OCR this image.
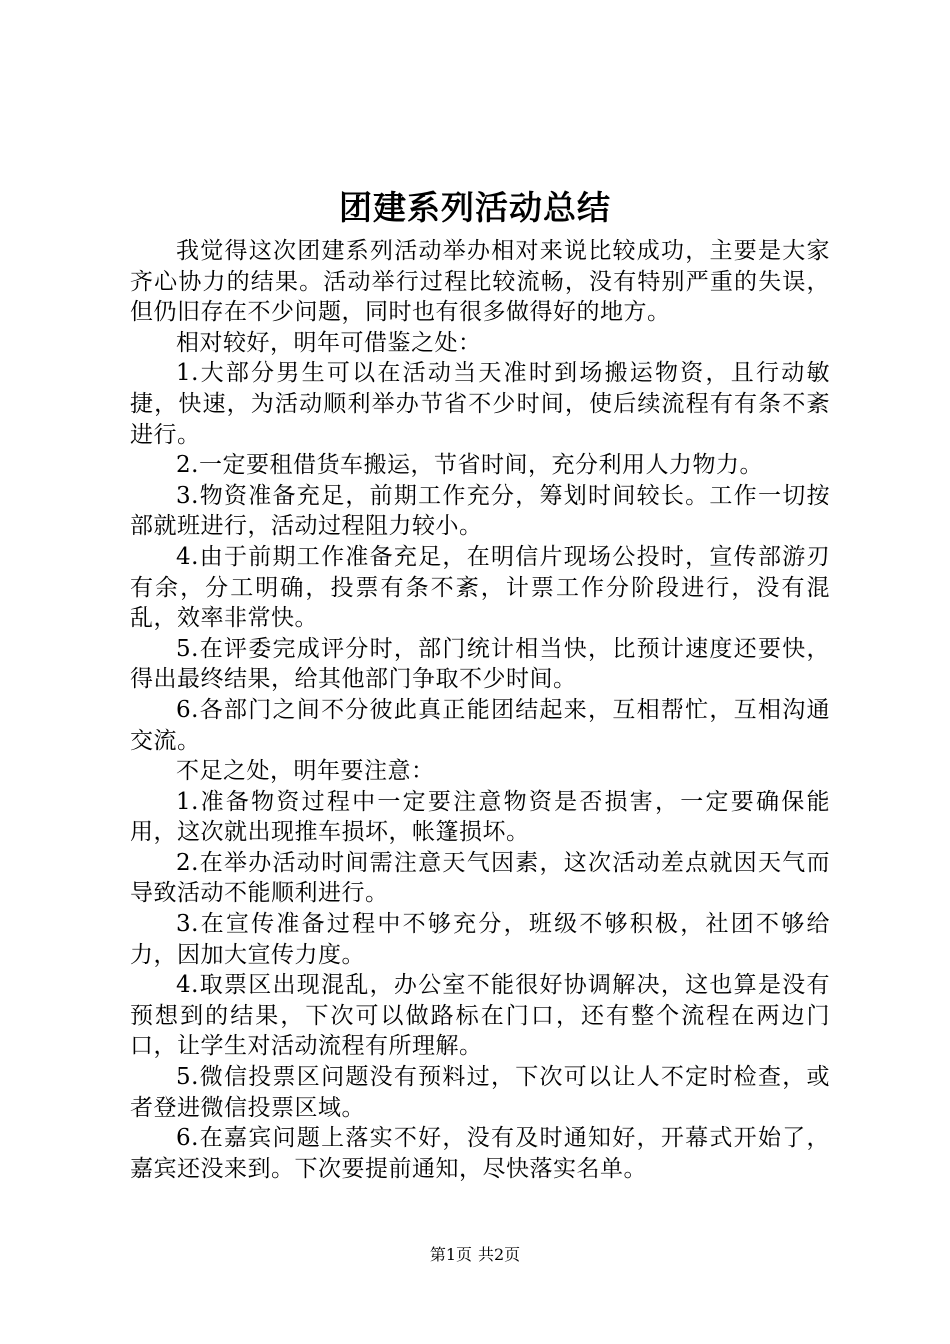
团建系列活动总结

我觉得这次团建系列活动举办相对来说比较成功，主要是大家齐心协力的结果。活动举行过程比较流畅，没有特别严重的失误，但仍旧存在不少问题，同时也有很多做得好的地方。

相对较好，明年可借鉴之处：

1.大部分男生可以在活动当天准时到场搬运物资，且行动敏捷，快速，为活动顺利举办节省不少时间，使后续流程有有条不紊进行。

2.一定要租借货车搬运，节省时间，充分利用人力物力。

3.物资准备充足，前期工作充分，筹划时间较长。工作一切按部就班进行，活动过程阻力较小。

4.由于前期工作准备充足，在明信片现场公投时，宣传部游刃有余，分工明确，投票有条不紊，计票工作分阶段进行，没有混乱，效率非常快。

5.在评委完成评分时，部门统计相当快，比预计速度还要快，得出最终结果，给其他部门争取不少时间。

6.各部门之间不分彼此真正能团结起来，互相帮忙，互相沟通交流。

不足之处，明年要注意：

1.准备物资过程中一定要注意物资是否损害，一定要确保能用，这次就出现推车损坏，帐篷损坏。

2.在举办活动时间需注意天气因素，这次活动差点就因天气而导致活动不能顺利进行。

3.在宣传准备过程中不够充分，班级不够积极，社团不够给力，因加大宣传力度。

4.取票区出现混乱，办公室不能很好协调解决，这也算是没有预想到的结果，下次可以做路标在门口，还有整个流程在两边门口，让学生对活动流程有所理解。

5.微信投票区问题没有预料过，下次可以让人不定时检查，或者登进微信投票区域。

6.在嘉宾问题上落实不好，没有及时通知好，开幕式开始了，嘉宾还没来到。下次要提前通知，尽快落实名单。

第1页 共2页
